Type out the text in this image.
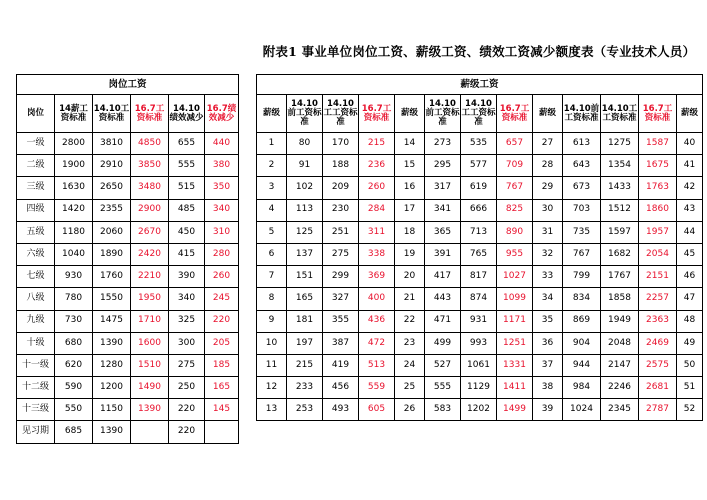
附表1 事业单位岗位工资、薪级工资、绩效工资减少额度表（专业技术人员）
岗位工资					
岗位	14薪工资标准	14.10工资标准	16.7工资标准	14.10绩效减少	16.7绩效减少
一级	2800	3810	4850	655	440
二级	1900	2910	3850	555	380
三级	1630	2650	3480	515	350
四级	1420	2355	2900	485	340
五级	1180	2060	2670	450	310
六级	1040	1890	2420	415	280
七级	930	1760	2210	390	260
八级	780	1550	1950	340	245
九级	730	1475	1710	325	220
十级	680	1390	1600	300	205
十一级	620	1280	1510	275	185
十二级	590	1200	1490	250	165
十三级	550	1150	1390	220	145
见习期	685	1390		220	
薪级工资												
薪级	14.10前工资标准	14.10工工资标准	16.7工资标准	薪级	14.10前工资标准	14.10工工资标准	16.7工资标准	薪级	14.10前工资标准	14.10工工资标准	16.7工资标准	薪级
1	80	170	215	14	273	535	657	27	613	1275	1587	40
2	91	188	236	15	295	577	709	28	643	1354	1675	41
3	102	209	260	16	317	619	767	29	673	1433	1763	42
4	113	230	284	17	341	666	825	30	703	1512	1860	43
5	125	251	311	18	365	713	890	31	735	1597	1957	44
6	137	275	338	19	391	765	955	32	767	1682	2054	45
7	151	299	369	20	417	817	1027	33	799	1767	2151	46
8	165	327	400	21	443	874	1099	34	834	1858	2257	47
9	181	355	436	22	471	931	1171	35	869	1949	2363	48
10	197	387	472	23	499	993	1251	36	904	2048	2469	49
11	215	419	513	24	527	1061	1331	37	944	2147	2575	50
12	233	456	559	25	555	1129	1411	38	984	2246	2681	51
13	253	493	605	26	583	1202	1499	39	1024	2345	2787	52
